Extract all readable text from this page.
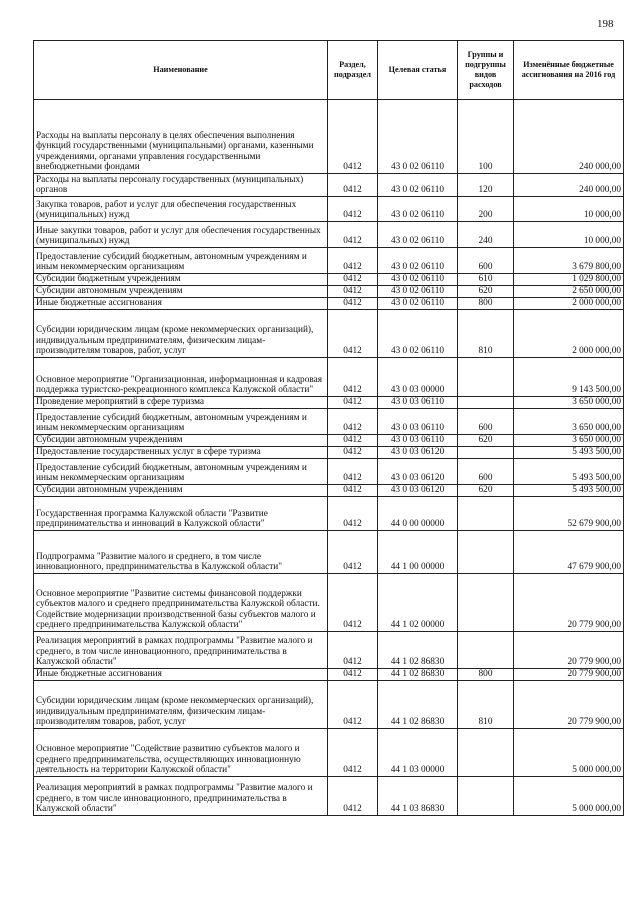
198
Наименование	Раздел, подраздел	Целевая статья	Группы и подгруппы видов расходов	Изменённые бюджетные ассигнования на 2016 год
Расходы на выплаты персоналу в целях обеспечения выполнения функций государственными (муниципальными) органами, казенными учреждениями, органами управления государственными внебюджетными фондами	0412	43 0 02 06110	100	240 000,00
Расходы на выплаты персоналу государственных (муниципальных) органов	0412	43 0 02 06110	120	240 000,00
Закупка товаров, работ и услуг для обеспечения государственных (муниципальных) нужд	0412	43 0 02 06110	200	10 000,00
Иные закупки товаров, работ и услуг для обеспечения государственных (муниципальных) нужд	0412	43 0 02 06110	240	10 000,00
Предоставление субсидий бюджетным, автономным учреждениям и иным некоммерческим организациям	0412	43 0 02 06110	600	3 679 800,00
Субсидии бюджетным учреждениям	0412	43 0 02 06110	610	1 029 800,00
Субсидии автономным учреждениям	0412	43 0 02 06110	620	2 650 000,00
Иные бюджетные ассигнования	0412	43 0 02 06110	800	2 000 000,00
Субсидии юридическим лицам (кроме некоммерческих организаций), индивидуальным предпринимателям, физическим лицам-производителям товаров, работ, услуг	0412	43 0 02 06110	810	2 000 000,00
Основное мероприятие "Организационная, информационная и кадровая поддержка туристско-рекреационного комплекса Калужской области"	0412	43 0 03 00000		9 143 500,00
Проведение мероприятий в сфере туризма	0412	43 0 03 06110		3 650 000,00
Предоставление субсидий бюджетным, автономным учреждениям и иным некоммерческим организациям	0412	43 0 03 06110	600	3 650 000,00
Субсидии автономным учреждениям	0412	43 0 03 06110	620	3 650 000,00
Предоставление государственных услуг в сфере туризма	0412	43 0 03 06120		5 493 500,00
Предоставление субсидий бюджетным, автономным учреждениям и иным некоммерческим организациям	0412	43 0 03 06120	600	5 493 500,00
Субсидии автономным учреждениям	0412	43 0 03 06120	620	5 493 500,00
Государственная программа Калужской области "Развитие предпринимательства и инноваций в Калужской области"	0412	44 0 00 00000		52 679 900,00
Подпрограмма "Развитие малого и среднего, в том числе инновационного, предпринимательства в Калужской области"	0412	44 1 00 00000		47 679 900,00
Основное мероприятие "Развитие системы финансовой поддержки субъектов малого и среднего предпринимательства Калужской области. Содействие модернизации производственной базы субъектов малого и среднего предпринимательства Калужской области"	0412	44 1 02 00000		20 779 900,00
Реализация мероприятий в рамках подпрограммы "Развитие малого и среднего, в том числе инновационного, предпринимательства в Калужской области"	0412	44 1 02 86830		20 779 900,00
Иные бюджетные ассигнования	0412	44 1 02 86830	800	20 779 900,00
Субсидии юридическим лицам (кроме некоммерческих организаций), индивидуальным предпринимателям, физическим лицам-производителям товаров, работ, услуг	0412	44 1 02 86830	810	20 779 900,00
Основное мероприятие "Содействие развитию субъектов малого и среднего предпринимательства, осуществляющих инновационную деятельность на территории Калужской области"	0412	44 1 03 00000		5 000 000,00
Реализация мероприятий в рамках подпрограммы "Развитие малого и среднего, в том числе инновационного, предпринимательства в Калужской области"	0412	44 1 03 86830		5 000 000,00
